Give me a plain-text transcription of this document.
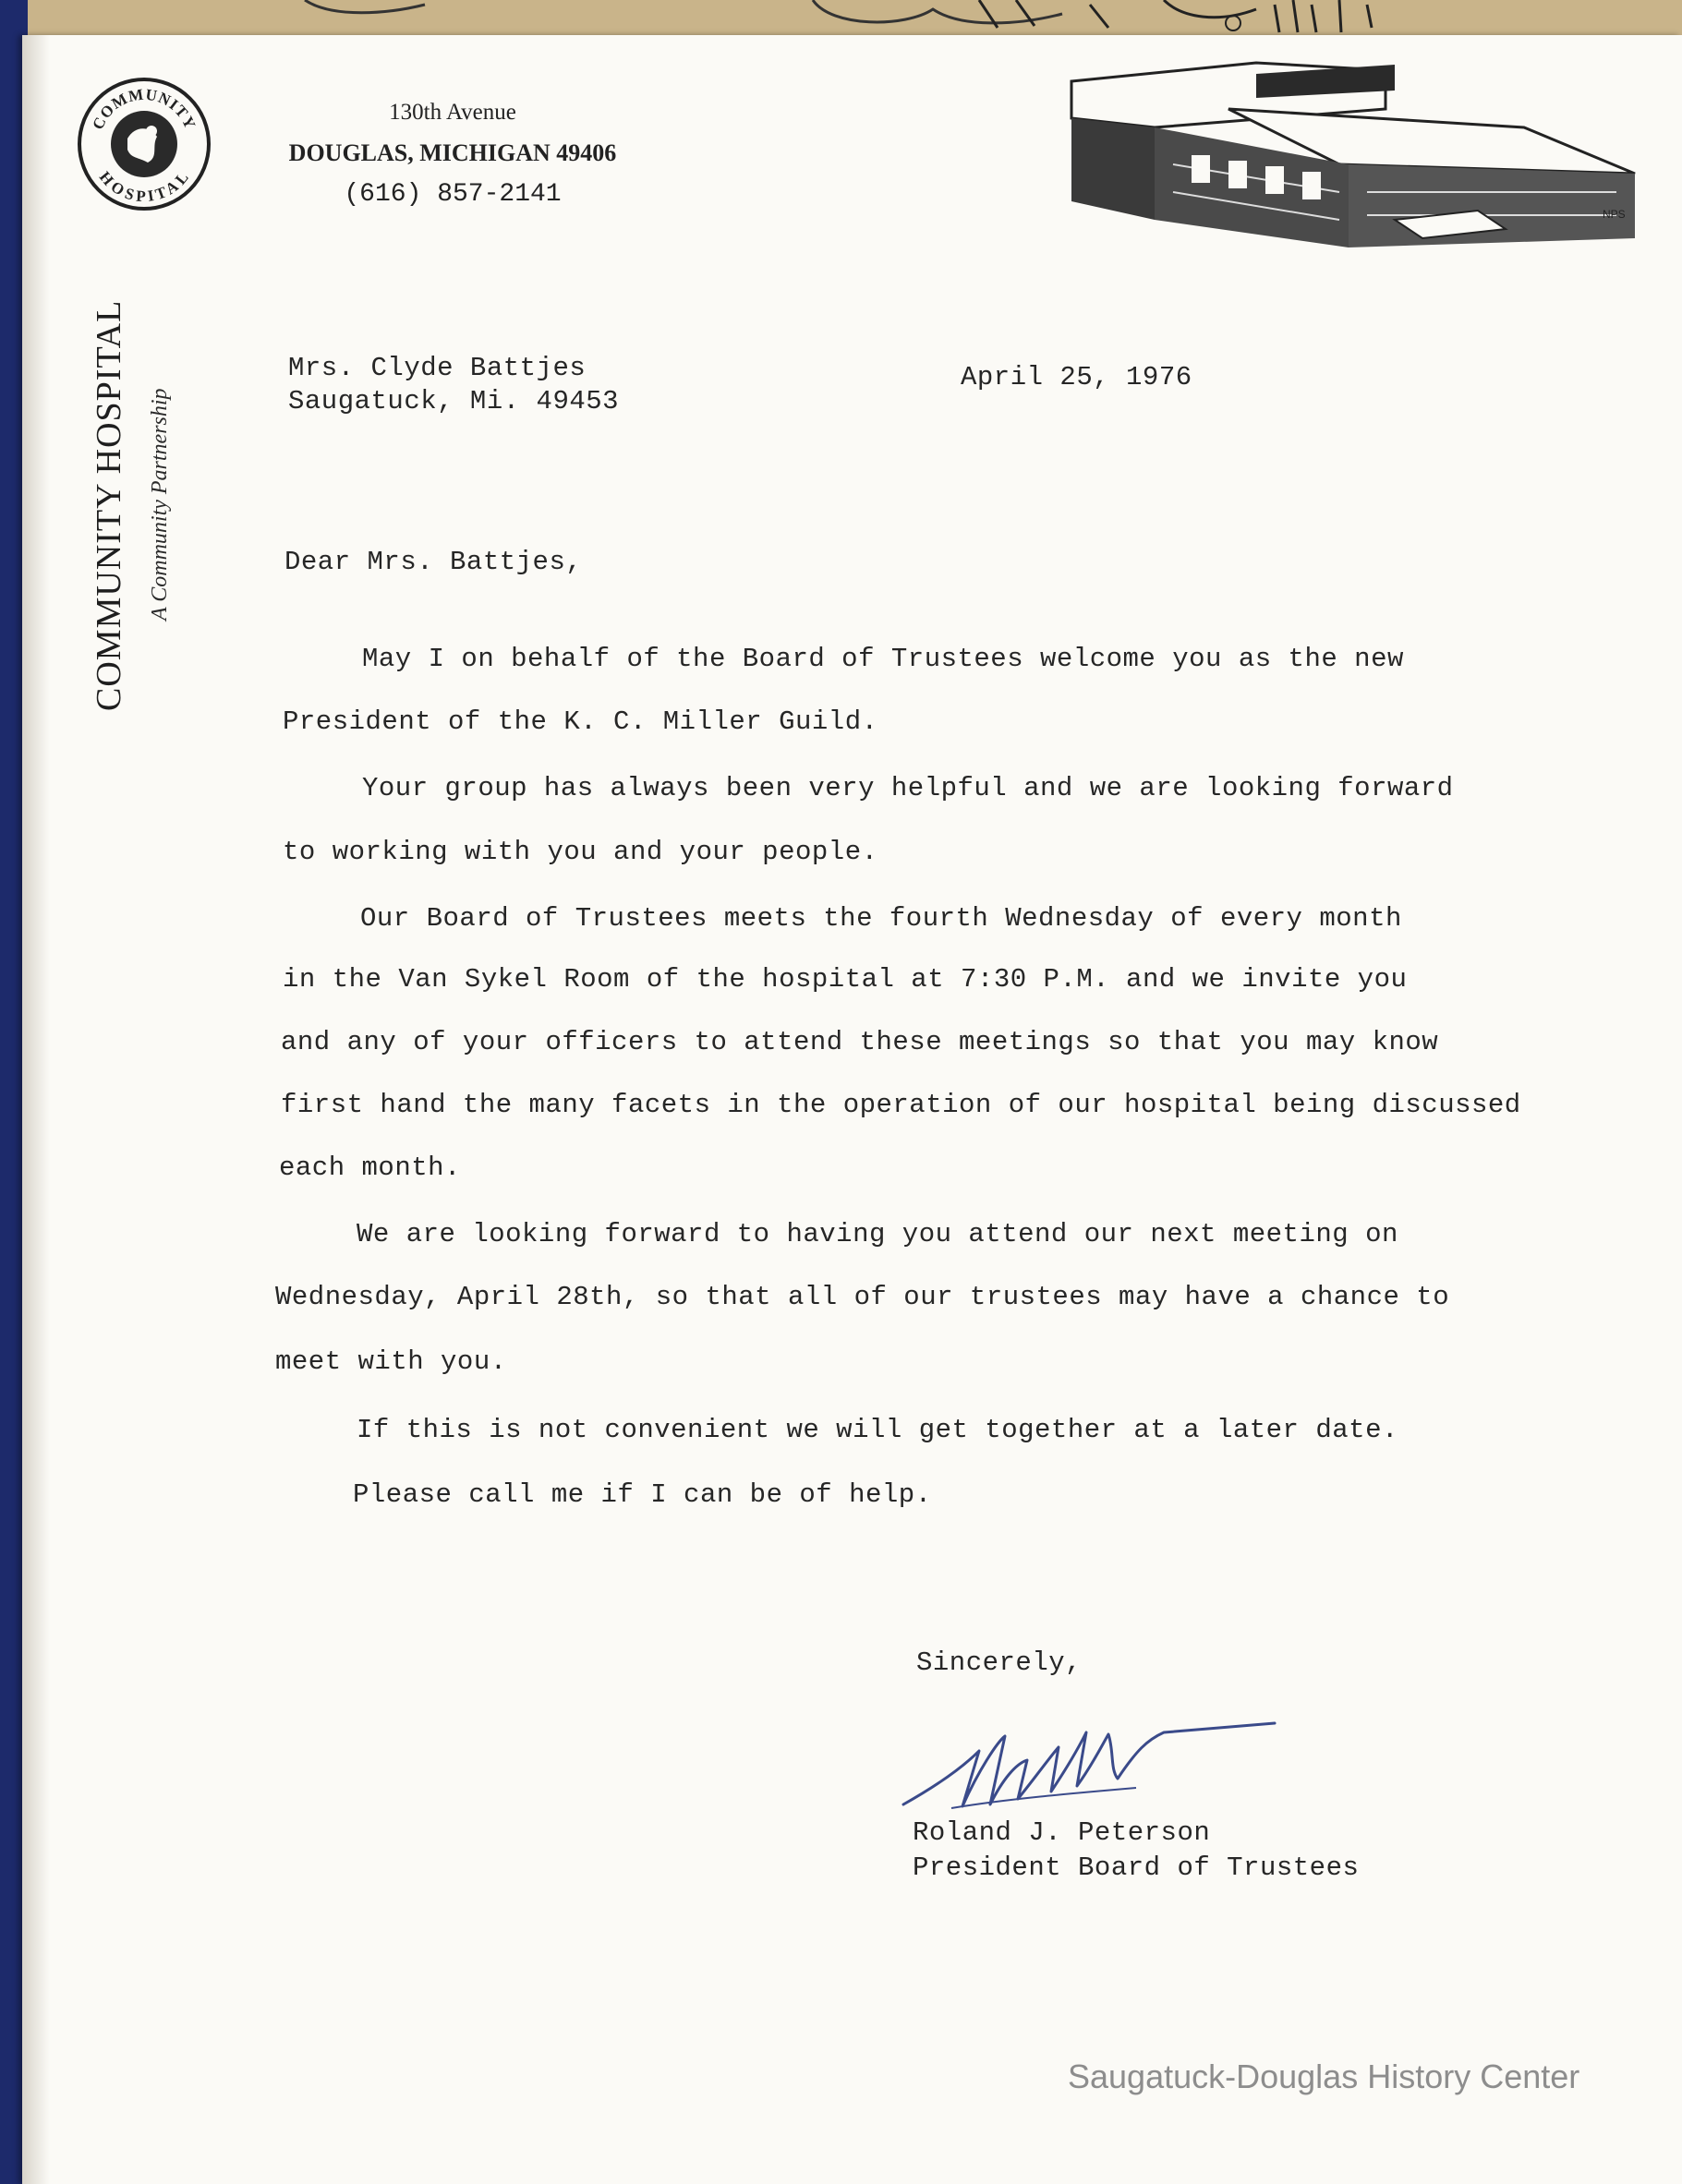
COMMUNITY
HOSPITAL
130th Avenue
DOUGLAS, MICHIGAN 49406
(616) 857-2141
NPS
COMMUNITY HOSPITAL A Community Partnership
Mrs. Clyde Battjes
Saugatuck, Mi. 49453
April 25, 1976
Dear Mrs. Battjes,
May I on behalf of the Board of Trustees welcome you as the new
President of the K. C. Miller Guild.
Your group has always been very helpful and we are looking forward
to working with you and your people.
Our Board of Trustees meets the fourth Wednesday of every month
in the Van Sykel Room of the hospital at 7:30 P.M. and we invite you
and any of your officers to attend these meetings so that you may know
first hand the many facets in the operation of our hospital being discussed
each month.
We are looking forward to having you attend our next meeting on
Wednesday, April 28th, so that all of our trustees may have a chance to
meet with you.
If this is not convenient we will get together at a later date.
Please call me if I can be of help.
Sincerely,
Roland J. Peterson
President Board of Trustees
Saugatuck-Douglas History Center
